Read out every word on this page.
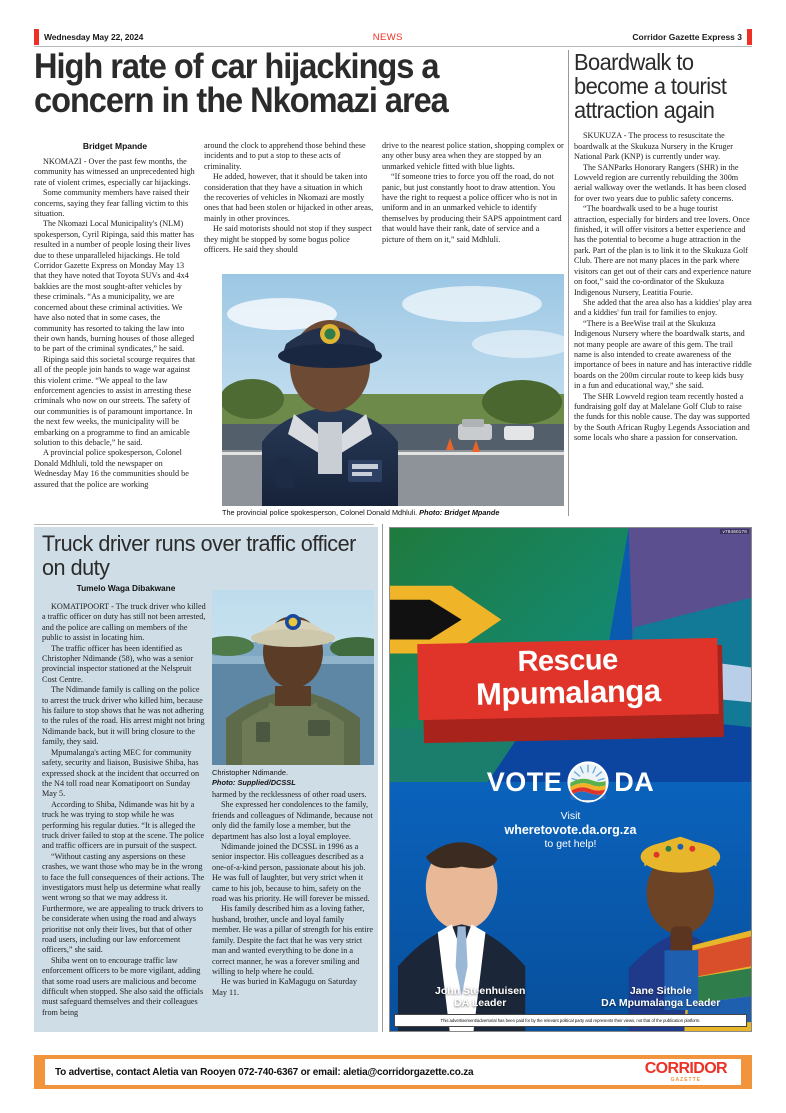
Wednesday May 22, 2024	NEWS	Corridor Gazette Express 3
High rate of car hijackings a concern in the Nkomazi area
Bridget Mpande

NKOMAZI - Over the past few months, the community has witnessed an unprecedented high rate of violent crimes, especially car hijackings.

Some community members have raised their concerns, saying they fear falling victim to this situation.

The Nkomazi Local Municipality's (NLM) spokesperson, Cyril Ripinga, said this matter has resulted in a number of people losing their lives due to these unparalleled hijackings. He told Corridor Gazette Express on Monday May 13 that they have noted that Toyota SUVs and 4x4 bakkies are the most sought-after vehicles by these criminals. “As a municipality, we are concerned about these criminal activities. We have also noted that in some cases, the community has resorted to taking the law into their own hands, burning houses of those alleged to be part of the criminal syndicates,” he said.

Ripinga said this societal scourge requires that all of the people join hands to wage war against this violent crime. “We appeal to the law enforcement agencies to assist in arresting these criminals who now on our streets. The safety of our communities is of paramount importance. In the next few weeks, the municipality will be embarking on a programme to find an amicable solution to this debacle,” he said.

A provincial police spokesperson, Colonel Donald Mdhluli, told the newspaper on Wednesday May 16 the communities should be assured that the police are working

around the clock to apprehend those behind these incidents and to put a stop to these acts of criminality.

He added, however, that it should be taken into consideration that they have a situation in which the recoveries of vehicles in Nkomazi are mostly ones that had been stolen or hijacked in other areas, mainly in other provinces.

He said motorists should not stop if they suspect they might be stopped by some bogus police officers. He said they should

drive to the nearest police station, shopping complex or any other busy area when they are stopped by an unmarked vehicle fitted with blue lights.

“If someone tries to force you off the road, do not panic, but just constantly hoot to draw attention. You have the right to request a police officer who is not in uniform and in an unmarked vehicle to identify themselves by producing their SAPS appointment card that would have their rank, date of service and a picture of them on it,” said Mdhluli.

The provincial police spokesperson, Colonel Donald Mdhluli. Photo: Bridget Mpande
Boardwalk to become a tourist attraction again

SKUKUZA - The process to resuscitate the boardwalk at the Skukuza Nursery in the Kruger National Park (KNP) is currently under way.

The SANParks Honorary Rangers (SHR) in the Lowveld region are currently rebuilding the 300m aerial walkway over the wetlands. It has been closed for over two years due to public safety concerns.

“The boardwalk used to be a huge tourist attraction, especially for birders and tree lovers. Once finished, it will offer visitors a better experience and has the potential to become a huge attraction in the park. Part of the plan is to link it to the Skukuza Golf Club. There are not many places in the park where visitors can get out of their cars and experience nature on foot,” said the co-ordinator of the Skukuza Indigenous Nursery, Leatitia Fourie.

She added that the area also has a kiddies' play area and a kiddies' fun trail for families to enjoy.

“There is a BeeWise trail at the Skukuza Indigenous Nursery where the boardwalk starts, and not many people are aware of this gem. The trail name is also intended to create awareness of the importance of bees in nature and has interactive riddle boards on the 200m circular route to keep kids busy in a fun and educational way,” she said.

The SHR Lowveld region team recently hosted a fundraising golf day at Malelane Golf Club to raise the funds for this noble cause. The day was supported by the South African Rugby Legends Association and some locals who share a passion for conservation.

Truck driver runs over traffic officer on duty
Tumelo Waga Dibakwane
Christopher Ndimande.
Photo: Supplied/DCSSL

KOMATIPOORT - The truck driver who killed a traffic officer on duty has still not been arrested, and the police are calling on members of the public to assist in locating him.

The traffic officer has been identified as Christopher Ndimande (58), who was a senior provincial inspector stationed at the Nelspruit Cost Centre.

The Ndimande family is calling on the police to arrest the truck driver who killed him, because his failure to stop shows that he was not adhering to the rules of the road. His arrest might not bring Ndimande back, but it will bring closure to the family, they said.

Mpumalanga's acting MEC for community safety, security and liaison, Busisiwe Shiba, has expressed shock at the incident that occurred on the N4 toll road near Komatipoort on Sunday May 5.

According to Shiba, Ndimande was hit by a truck he was trying to stop while he was performing his regular duties. “It is alleged the truck driver failed to stop at the scene. The police and traffic officers are in pursuit of the suspect.

“Without casting any aspersions on these crashes, we want those who may be in the wrong to face the full consequences of their actions. The investigators must help us determine what really went wrong so that we may address it. Furthermore, we are appealing to truck drivers to be considerate when using the road and always prioritise not only their lives, but that of other road users, including our law enforcement officers,” she said.

Shiba went on to encourage traffic law enforcement officers to be more vigilant, adding that some road users are malicious and become difficult when stopped. She also said the officials must safeguard themselves and their colleagues from being

harmed by the recklessness of other road users.

She expressed her condolences to the family, friends and colleagues of Ndimande, because not only did the family lose a member, but the department has also lost a loyal employee.

Ndimande joined the DCSSL in 1996 as a senior inspector. His colleagues described as a one-of-a-kind person, passionate about his job. He was full of laughter, but very strict when it came to his job, because to him, safety on the road was his priority. He will forever be missed.

His family described him as a loving father, husband, brother, uncle and loyal family member. He was a pillar of strength for his entire family. Despite the fact that he was very strict man and wanted everything to be done in a correct manner, he was a forever smiling and willing to help where he could.

He was buried in KaMagugu on Saturday May 11.

v78460178
Rescue
Mpumalanga
VOTE DA
Visit
wheretovote.da.org.za
to get help!
John Steenhuisen
DA Leader
Jane Sithole
DA Mpumalanga Leader
This advertisement/advertorial has been paid for by the relevant political party and represents their views, not that of the publication platform.
To advertise, contact Aletia van Rooyen 072-740-6367 or email: aletia@corridorgazette.co.za	CORRIDOR
GAZETTE
